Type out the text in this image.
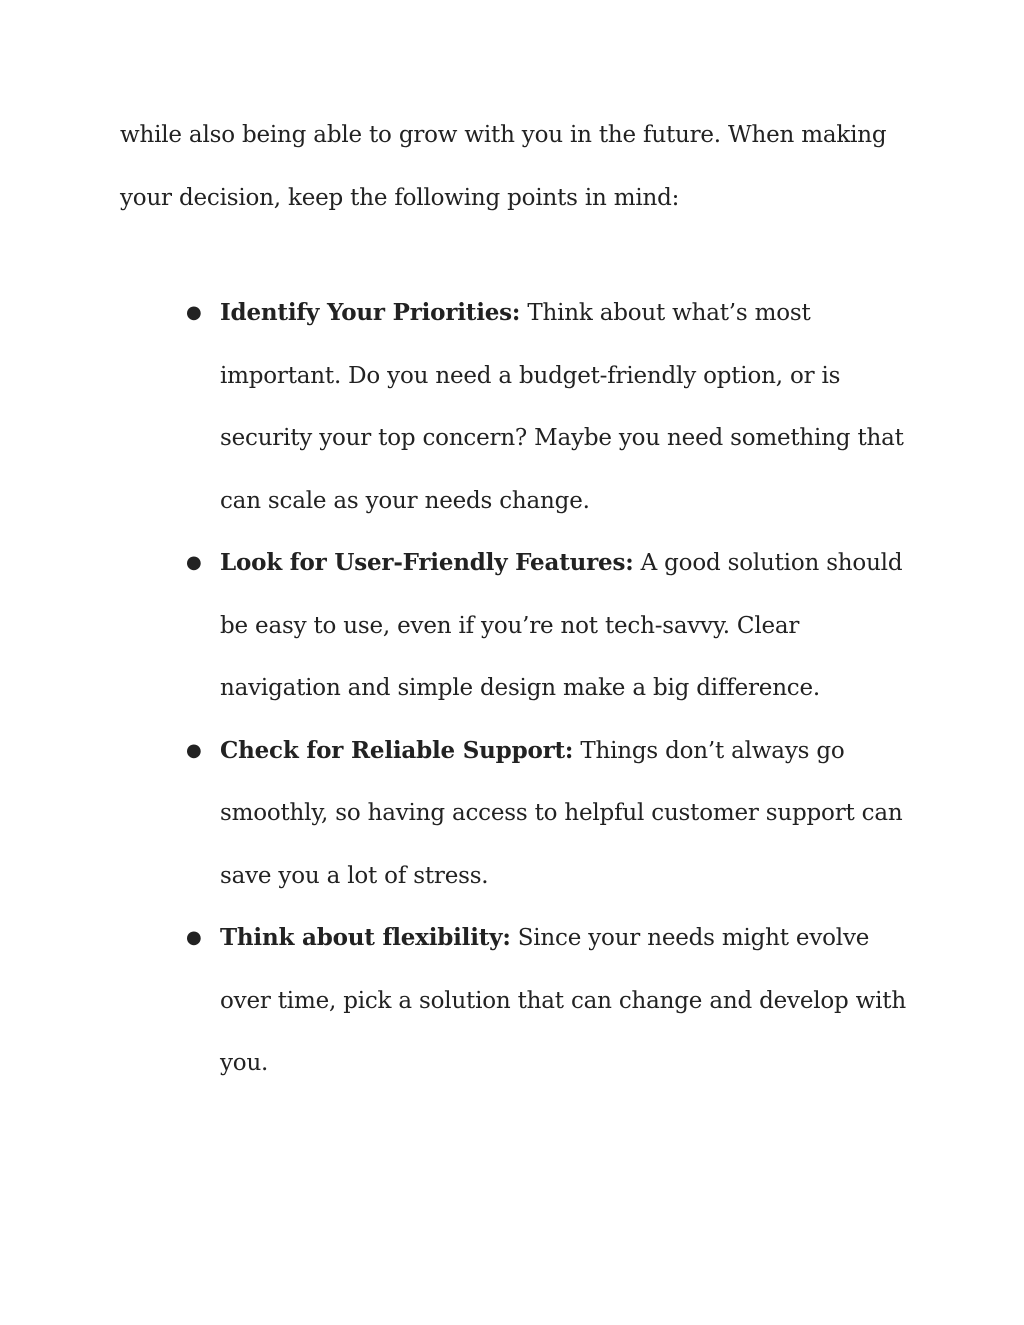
while also being able to grow with you in the future. When making your decision, keep the following points in mind:

● Identify Your Priorities: Think about what’s most important. Do you need a budget-friendly option, or is security your top concern? Maybe you need something that can scale as your needs change.
● Look for User-Friendly Features: A good solution should be easy to use, even if you’re not tech-savvy. Clear navigation and simple design make a big difference.
● Check for Reliable Support: Things don’t always go smoothly, so having access to helpful customer support can save you a lot of stress.
● Think about flexibility: Since your needs might evolve over time, pick a solution that can change and develop with you.
